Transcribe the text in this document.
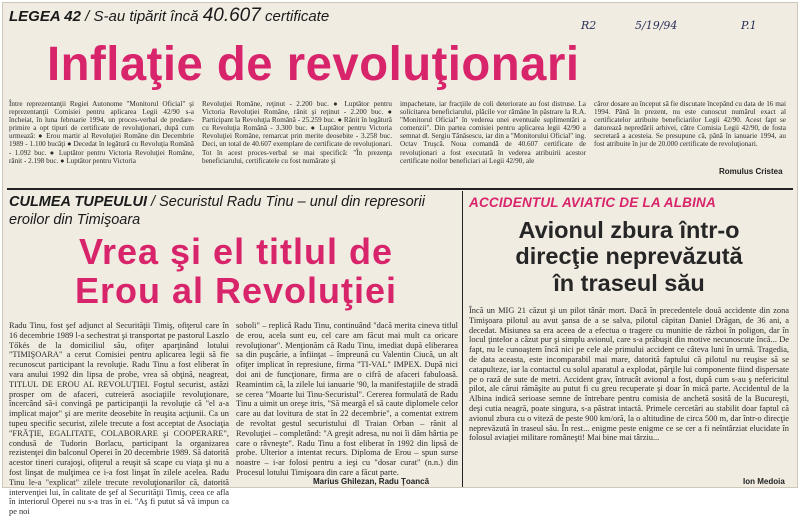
LEGEA 42 / S-au tipărit încă 40.607 certificate
R2	5/19/94	P.1
Inflaţie de revoluţionari
Între reprezentanţii Regiei Autonome "Monitorul Oficial" şi reprezentanţii Comisiei pentru aplicarea Legii 42/90 s-a încheiat, în luna februarie 1994, un proces-verbal de predare-primire a opt tipuri de certificate de revoluţionari, după cum urmează: ● Erou martir al Revoluţiei Române din Decembrie 1989 - 1.100 bucăţi ● Decedat în legătură cu Revoluţia Română - 1.092 buc. ● Luptător pentru Victoria Revoluţiei Române, rănit - 2.198 buc. ● Luptător pentru Victoria
Revoluţiei Române, reţinut - 2.200 buc. ● Luptător pentru Victoria Revoluţiei Române, rănit şi reţinut - 2.200 buc. ● Participant la Revoluţia Română - 25.259 buc. ● Rănit în legătură cu Revoluţia Română - 3.300 buc. ● Luptător pentru Victoria Revoluţiei Române, remarcat prin merite deosebite - 3.258 buc. Deci, un total de 40.607 exemplare de certificate de revoluţionari. Tot în acest proces-verbal se mai specifică: "În prezenţa beneficiarului, certificatele cu fost numărate şi
impachetate, iar fracţiile de coli deteriorate au fost distruse. La solicitarea beneficiarului, plăcile vor rămâne în păstrare la R.A. "Monitorul Oficial" în vederea unei eventuale suplimentări a comenzii". Din partea comisiei pentru aplicarea legii 42/90 a semnat dl. Sergiu Tănăsescu, iar din a "Monitorului Oficial" ing. Octav Truşcă. Noua comandă de 40.607 certificate de revoluţionari a fost executată în vederea atribuirii acestor certificate noilor beneficiari ai Legii 42/90, ale
căror dosare au început să fie discutate începând cu data de 16 mai 1994. Până în prezent, nu este cunoscut numărul exact al certificatelor atribuite beneficiarilor Legii 42/90. Acest fapt se datorează nepredării arhivei, către Comisia Legii 42/90, de fosta secretară a acesteia. Se presupune că, până în ianuarie 1994, au fost atribuite în jur de 20.000 certificate de revoluţionari.
Romulus Cristea
CULMEA TUPEULUI / Securistul Radu Tinu – unul din represorii eroilor din Timişoara
Vrea şi el titlul de
Erou al Revoluţiei
Radu Tinu, fost şef adjunct al Securităţii Timiş, ofiţerul care în 16 decembrie 1989 l-a sechestrat şi transportat pe pastorul Laszlo Tőkés de la domiciliul său, ofiţer aparţinând lotului "TIMIŞOARA" a cerut Comisiei pentru aplicarea legii să fie recunoscut participant la revoluţie. Radu Tinu a fost eliberat în vara anului 1992 din lipsa de probe, vrea să obţină, neagreat, TITLUL DE EROU AL REVOLUŢIEI. Foştul securist, astăzi prosper om de afaceri, cutreieră asociaţiile revoluţionare, încercând să-i convingă pe participanţii la revoluţie că "el a-a implicat major" şi are merite deosebite în reuşita acţiunii. Ca un tupeu specific securist, zilele trecute a fost acceptat de Asociaţia "FRĂŢIE, EGALITATE, COLABORARE şi COOPERARE", condusă de Tudorin Borlacu, participant la organizarea rezistenţei din balconul Operei în 20 decembrie 1989. Să datorită acestor tineri curajoşi, ofiţerul a reuşit să scape cu viaţa şi nu a fost linşat de mulţimea ce i-a fost linşat în zilele acelea. Radu Tinu le-a "explicat" zilele trecute revoluţionarilor că, datorită intervenţiei lui, în calitate de şef al Securităţii Timiş, ceea ce afla în interiorul Operei nu s-a tras în ei. "Aş fi putut să vă impun ca pe noi
soboli" – replică Radu Tinu, continuând "dacă merita cineva titlul de erou, acela sunt eu, cel care am făcut mai mult ca oricare revoluţionar". Menţionăm că Radu Tinu, imediat după eliberarea sa din puşcărie, a înfiinţat – împreună cu Valentin Ciucă, un alt ofiţer implicat în represiune, firma "TI-VAL" IMPEX. După nici doi ani de funcţionare, firma are o cifră de afaceri fabuloasă. Reamintim că, la zilele lui ianuarie '90, la manifestaţiile de stradă se cerea "Moarte lui Tinu-Securistul". Cererea formulată de Radu Tinu a uimit un oreşe itris, "Să meargă el să caute diplomele celor care au dat lovitura de stat în 22 decembrie", a comentat extrem de revoltat gestul securistului dl Traian Orban – rănit al Revoluţiei – completând: "A greşit adresa, nu noi îi dăm hârtia pe care o râvneşte". Radu Tinu a fost eliberat în 1992 din lipsă de probe. Ulterior a intentat recurs. Diploma de Erou – spun surse noastre – i-ar folosi pentru a ieşi cu "dosar curat" (n.n.) din Procesul lotului Timişoara din care a făcut parte.
Marius Ghilezan, Radu Ţoancă
ACCIDENTUL AVIATIC DE LA ALBINA
Avionul zbura într-o
direcţie neprevăzută
în traseul său
Încă un MIG 21 căzut şi un pilot tânăr mort. Dacă în precedentele două accidente din zona Timişoara pilotul au avut şansa de a se salva, pilotul căpitan Daniel Drăgan, de 36 ani, a decedat. Misiunea sa era aceea de a efectua o tragere cu munitie de război în poligon, dar în locul ţintelor a căzut pur şi simplu avionul, care s-a prăbuşit din motive necunoscute încă... De fapt, nu le cunoaştem încă nici pe cele ale primului accident ce câteva luni în urmă. Tragedia, de data aceasta, este incomparabil mai mare, datorită faptului că pilotul nu reuşise să se catapulteze, iar la contactul cu solul aparatul a explodat, părţile lui componente fiind dispersate pe o rază de sute de metri. Accident grav, întrucât avionul a fost, după cum s-au ş nefericitul pilot, ale cărui rămăşite au putut fi cu greu recuperate şi doar în mică parte. Accidentul de la Albina indică serioase semne de întrebare pentru comisia de anchetă sosită de la Bucureşti, deşi cutia neagră, poate singura, s-a păstrat intactă. Primele cercetări au stabilit doar faptul că avionul zbura cu o viteză de peste 900 km/oră, la o altitudine de circa 500 m, dar într-o direcţie neprevăzută în traseul său. În rest... enigme peste enigme ce se cer a fi neîntârziat elucidate în folosul aviaţiei militare româneşti! Mai bine mai târziu...
Ion Medoia
